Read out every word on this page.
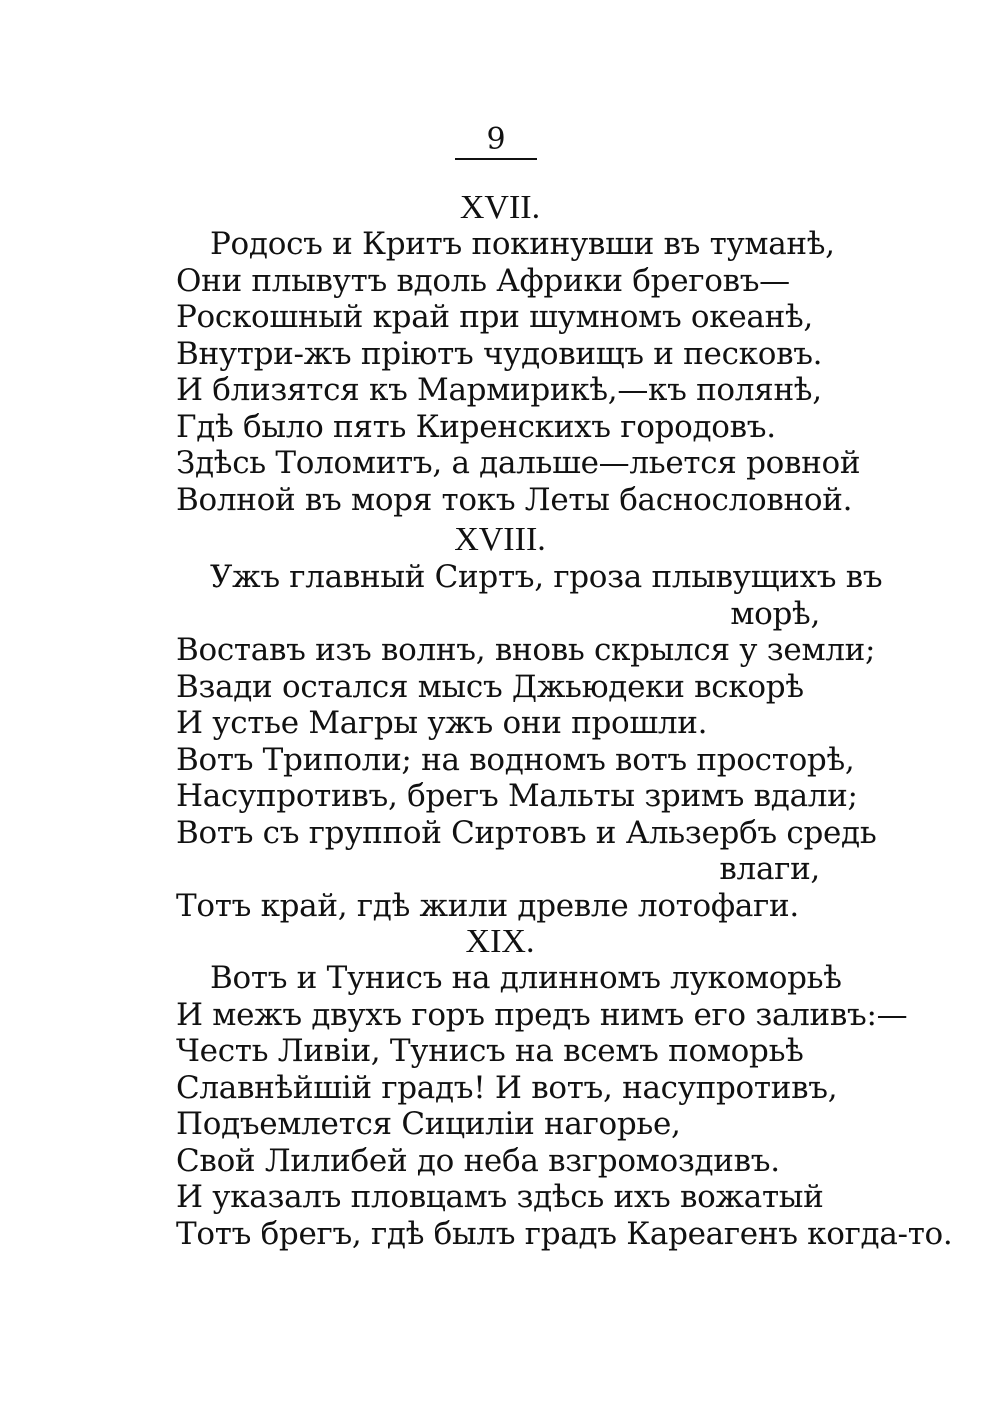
9
XVII.
Родосъ и Критъ покинувши въ туманѣ,
Они плывутъ вдоль Африки бреговъ—
Роскошный край при шумномъ океанѣ,
Внутри-жъ пріютъ чудовищъ и песковъ.
И близятся къ Мармирикѣ,—къ полянѣ,
Гдѣ было пять Киренскихъ городовъ.
Здѣсь Толомитъ, а дальше—льется ровной
Волной въ моря токъ Леты баснословной.
XVIII.
Ужъ главный Сиртъ, гроза плывущихъ въ
морѣ,
Воставъ изъ волнъ, вновь скрылся у земли;
Взади остался мысъ Джьюдеки вскорѣ
И устье Магры ужъ они прошли.
Вотъ Триполи; на водномъ вотъ просторѣ,
Насупротивъ, брегъ Мальты зримъ вдали;
Вотъ съ группой Сиртовъ и Альзербъ средь
влаги,
Тотъ край, гдѣ жили древле лотофаги.
XIX.
Вотъ и Тунисъ на длинномъ лукоморьѣ
И межъ двухъ горъ предъ нимъ его заливъ:—
Честь Ливіи, Тунисъ на всемъ поморьѣ
Славнѣйшій градъ! И вотъ, насупротивъ,
Подъемлется Сициліи нагорье,
Свой Лилибей до неба взгромоздивъ.
И указалъ пловцамъ здѣсь ихъ вожатый
Тотъ брегъ, гдѣ былъ градъ Кареагенъ когда-то.
